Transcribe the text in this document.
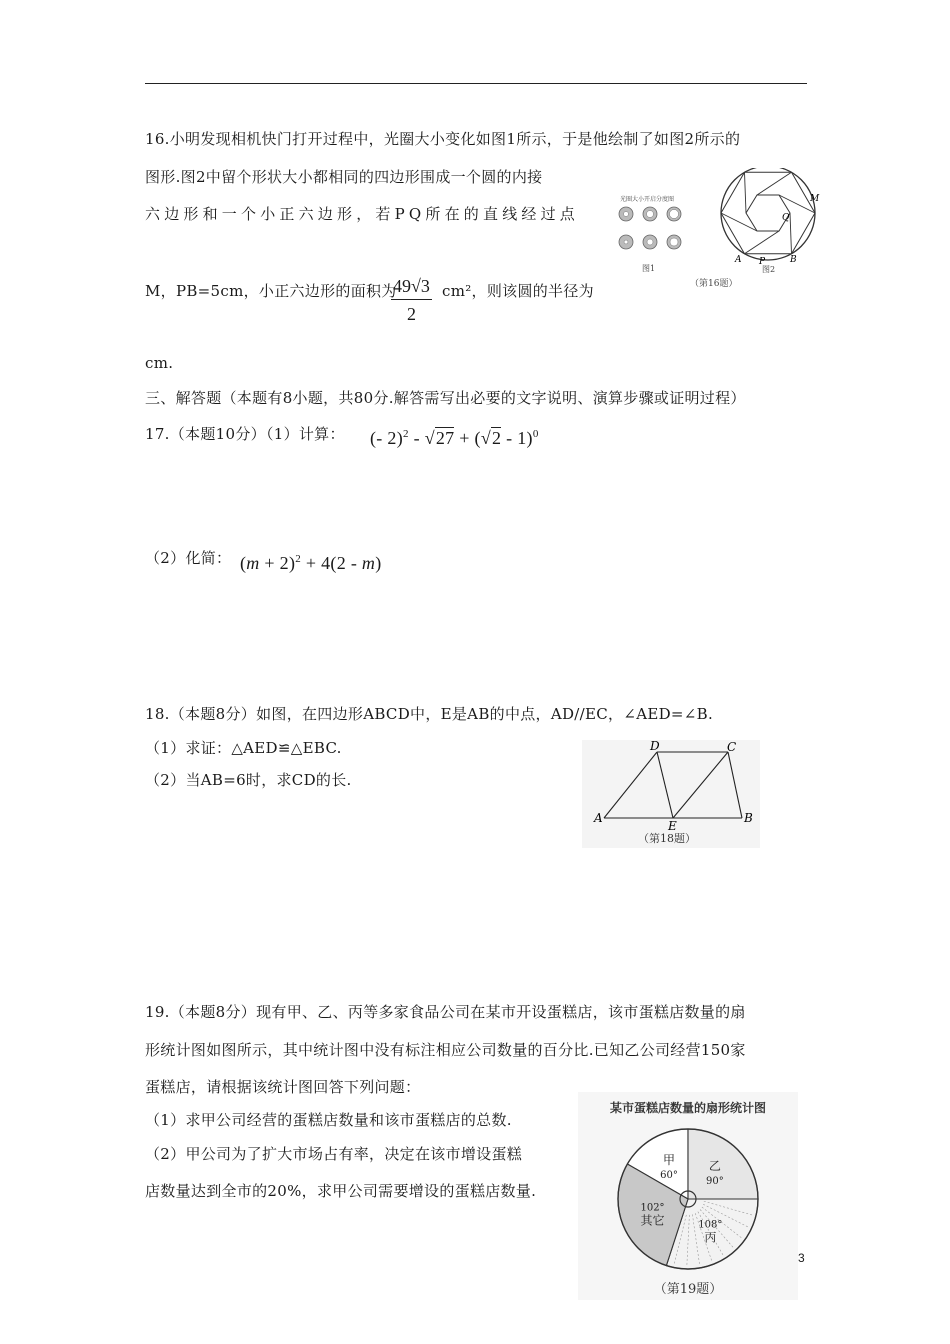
16.小明发现相机快门打开过程中，光圈大小变化如图1所示，于是他绘制了如图2所示的
图形.图2中留个形状大小都相同的四边形围成一个圆的内接
六边形和一个小正六边形，若PQ所在的直线经过点
M，PB=5cm，小正六边形的面积为
$\frac{49√3}{2} cm^2$，则该圆的半径为
cm.
光圈大小开启分度图
图1
M
Q
A P	B
图2
（第16题）
三、解答题（本题有8小题，共80分.解答需写出必要的文字说明、演算步骤或证明过程）
17.（本题10分）（1）计算： (- 2)$^2$ - √27 + (√2 - 1)$^0$
（2）化简： $(m + 2)^2 + 4(2 - m)$
18.（本题8分）如图，在四边形ABCD中，E是AB的中点，AD//EC，∠AED=∠B.
（1）求证：△AED≌△EBC.
（2）当AB=6时，求CD的长.
D	C
A
E
B
（第18题）
19.（本题8分）现有甲、乙、丙等多家食品公司在某市开设蛋糕店，该市蛋糕店数量的扇
形统计图如图所示，其中统计图中没有标注相应公司数量的百分比.已知乙公司经营150家
蛋糕店，请根据该统计图回答下列问题：
（1）求甲公司经营的蛋糕店数量和该市蛋糕店的总数.
（2）甲公司为了扩大市场占有率，决定在该市增设蛋糕
店数量达到全市的20%，求甲公司需要增设的蛋糕店数量.
某市蛋糕店数量的扇形统计图
甲
60°
乙
90°
108°
丙
102°
其它
（第19题）
3
